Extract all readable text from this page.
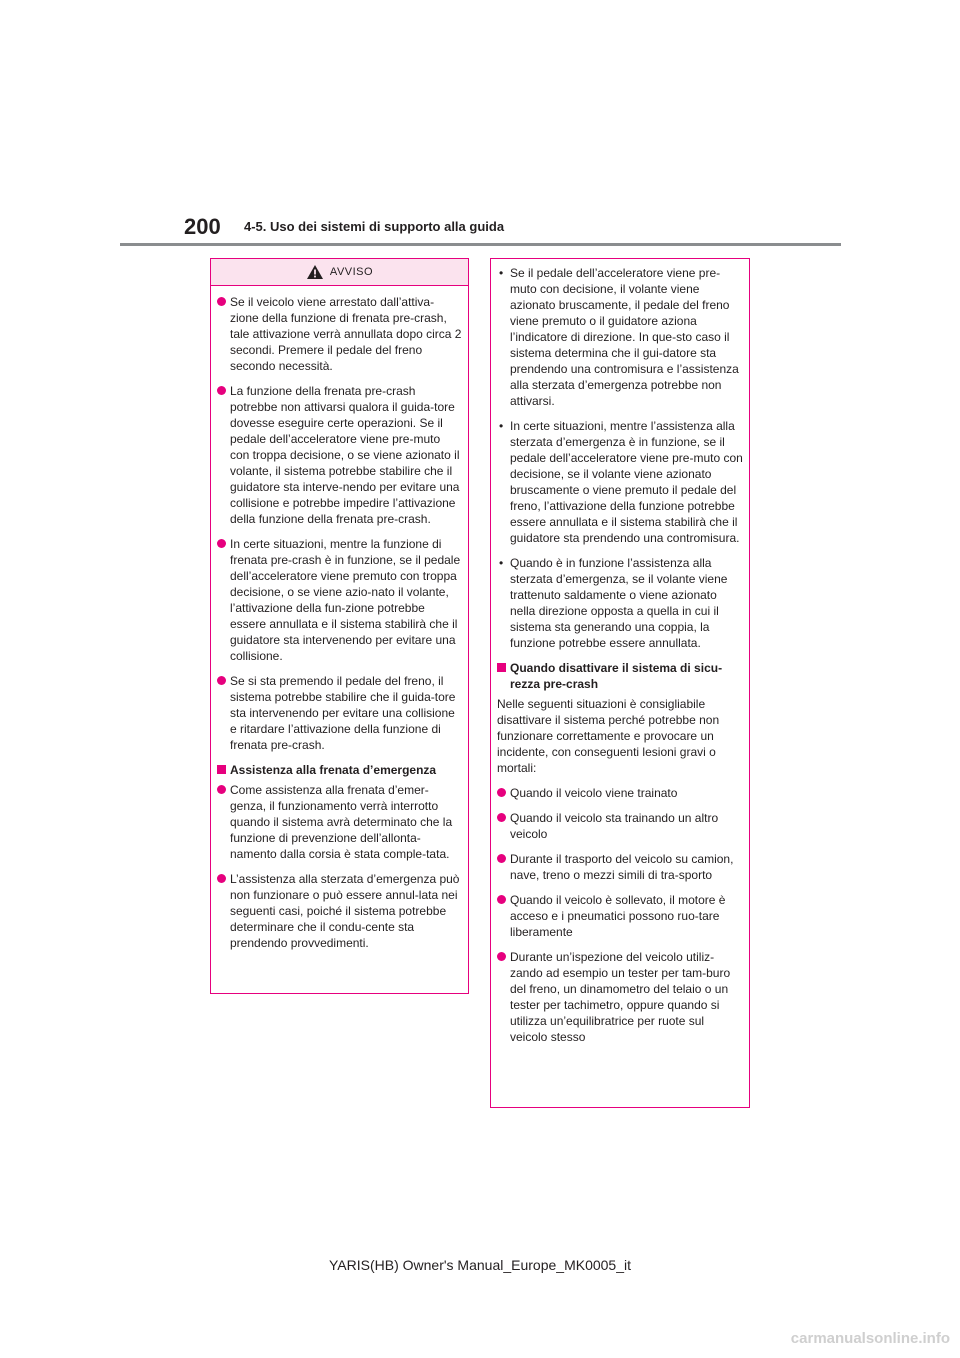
200 4-5. Uso dei sistemi di supporto alla guida
AVVISO
Se il veicolo viene arrestato dall’attiva-zione della funzione di frenata pre-crash, tale attivazione verrà annullata dopo circa 2 secondi. Premere il pedale del freno secondo necessità.
La funzione della frenata pre-crash potrebbe non attivarsi qualora il guida-tore dovesse eseguire certe operazioni. Se il pedale dell’acceleratore viene pre-muto con troppa decisione, o se viene azionato il volante, il sistema potrebbe stabilire che il guidatore sta interve-nendo per evitare una collisione e potrebbe impedire l’attivazione della funzione della frenata pre-crash.
In certe situazioni, mentre la funzione di frenata pre-crash è in funzione, se il pedale dell’acceleratore viene premuto con troppa decisione, o se viene azio-nato il volante, l’attivazione della fun-zione potrebbe essere annullata e il sistema stabilirà che il guidatore sta intervenendo per evitare una collisione.
Se si sta premendo il pedale del freno, il sistema potrebbe stabilire che il guida-tore sta intervenendo per evitare una collisione e ritardare l’attivazione della funzione di frenata pre-crash.
Assistenza alla frenata d’emergenza
Come assistenza alla frenata d’emer-genza, il funzionamento verrà interrotto quando il sistema avrà determinato che la funzione di prevenzione dell’allonta-namento dalla corsia è stata comple-tata.
L’assistenza alla sterzata d’emergenza può non funzionare o può essere annul-lata nei seguenti casi, poiché il sistema potrebbe determinare che il condu-cente sta prendendo provvedimenti.
• Se il pedale dell’acceleratore viene pre-muto con decisione, il volante viene azionato bruscamente, il pedale del freno viene premuto o il guidatore aziona l’indicatore di direzione. In que-sto caso il sistema determina che il gui-datore sta prendendo una contromisura e l’assistenza alla sterzata d’emergenza potrebbe non attivarsi.
• In certe situazioni, mentre l’assistenza alla sterzata d’emergenza è in funzione, se il pedale dell’acceleratore viene pre-muto con decisione, se il volante viene azionato bruscamente o viene premuto il pedale del freno, l’attivazione della funzione potrebbe essere annullata e il sistema stabilirà che il guidatore sta prendendo una contromisura.
• Quando è in funzione l’assistenza alla sterzata d’emergenza, se il volante viene trattenuto saldamente o viene azionato nella direzione opposta a quella in cui il sistema sta generando una coppia, la funzione potrebbe essere annullata.
Quando disattivare il sistema di sicu-rezza pre-crash
Nelle seguenti situazioni è consigliabile disattivare il sistema perché potrebbe non funzionare correttamente e provocare un incidente, con conseguenti lesioni gravi o mortali:
Quando il veicolo viene trainato
Quando il veicolo sta trainando un altro veicolo
Durante il trasporto del veicolo su camion, nave, treno o mezzi simili di tra-sporto
Quando il veicolo è sollevato, il motore è acceso e i pneumatici possono ruo-tare liberamente
Durante un’ispezione del veicolo utiliz-zando ad esempio un tester per tam-buro del freno, un dinamometro del telaio o un tester per tachimetro, oppure quando si utilizza un’equilibratrice per ruote sul veicolo stesso
YARIS(HB) Owner's Manual_Europe_MK0005_it
carmanualsonline.info
